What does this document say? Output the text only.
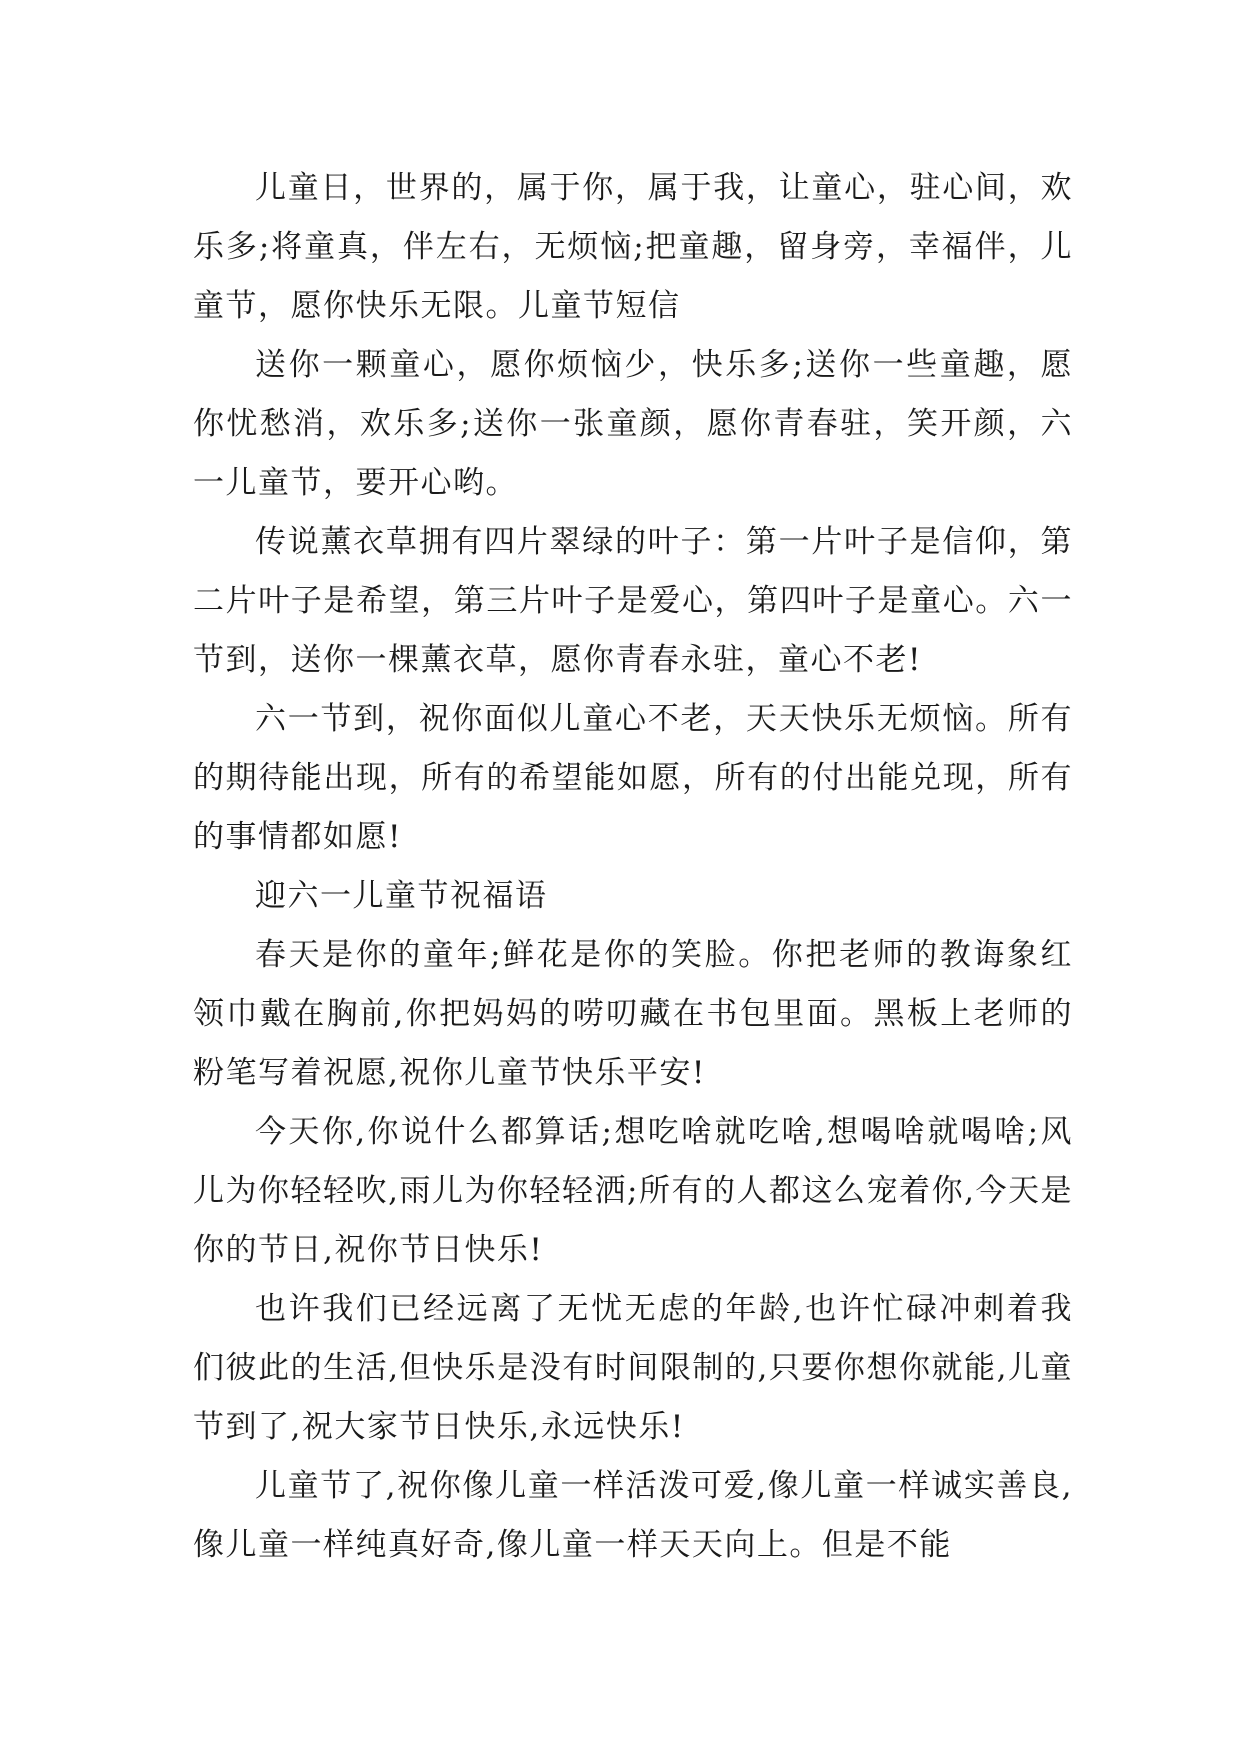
儿童日，世界的，属于你，属于我，让童心，驻心间，欢乐多;将童真，伴左右，无烦恼;把童趣，留身旁，幸福伴，儿童节，愿你快乐无限。儿童节短信

送你一颗童心，愿你烦恼少，快乐多;送你一些童趣，愿你忧愁消，欢乐多;送你一张童颜，愿你青春驻，笑开颜，六一儿童节，要开心哟。

传说薰衣草拥有四片翠绿的叶子：第一片叶子是信仰，第二片叶子是希望，第三片叶子是爱心，第四叶子是童心。六一节到，送你一棵薰衣草，愿你青春永驻，童心不老!

六一节到，祝你面似儿童心不老，天天快乐无烦恼。所有的期待能出现，所有的希望能如愿，所有的付出能兑现，所有的事情都如愿!

迎六一儿童节祝福语

春天是你的童年;鲜花是你的笑脸。你把老师的教诲象红领巾戴在胸前,你把妈妈的唠叨藏在书包里面。黑板上老师的粉笔写着祝愿,祝你儿童节快乐平安!

今天你,你说什么都算话;想吃啥就吃啥,想喝啥就喝啥;风儿为你轻轻吹,雨儿为你轻轻洒;所有的人都这么宠着你,今天是你的节日,祝你节日快乐!

也许我们已经远离了无忧无虑的年龄,也许忙碌冲刺着我们彼此的生活,但快乐是没有时间限制的,只要你想你就能,儿童节到了,祝大家节日快乐,永远快乐!

儿童节了,祝你像儿童一样活泼可爱,像儿童一样诚实善良,像儿童一样纯真好奇,像儿童一样天天向上。但是不能
